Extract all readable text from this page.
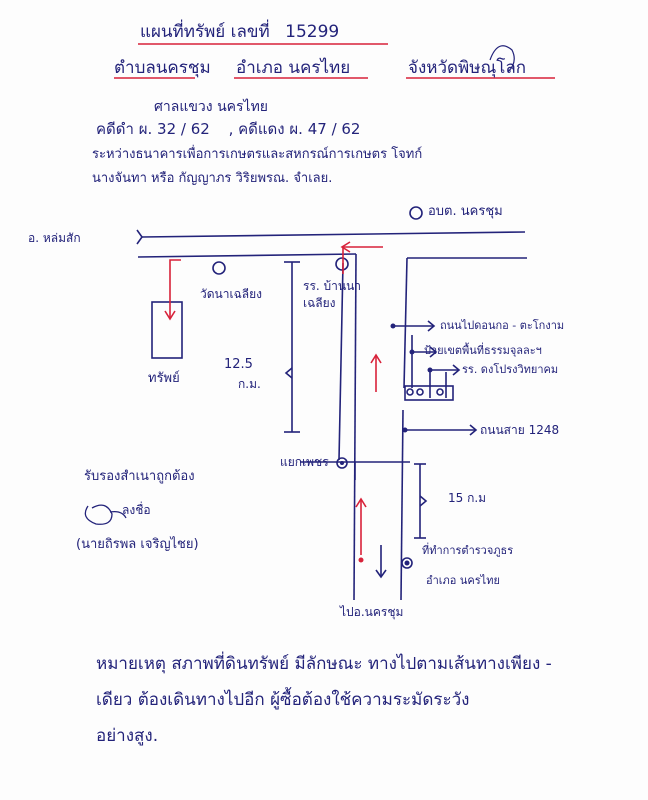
แผนที่ทรัพย์ เลขที่ 15299
ตำบลนครชุม อำเภอ นครไทย	จังหวัดพิษณุโลก
ศาลแขวง นครไทย
คดีดำ ผ. 32 / 62 , คดีแดง ผ. 47 / 62
ระหว่างธนาคารเพื่อการเกษตรและสหกรณ์การเกษตร โจทก์
นางจันทา หรือ กัญญาภร วิริยพรณ. จำเลย.
อบต. นครชุม
อ. หล่มสัก
วัดนาเฉลียง
รร. บ้านนาเฉลียง
ทรัพย์
12.5
ก.ม.
แยกเพชร
ถนนไปดอนกอ - ตะโกงาม
ป้ายเขตพื้นที่ธรรมจุลละฯ
รร. ดงโปรงวิทยาคม
ถนนสาย 1248
15 ก.ม
ที่ทำการตำรวจภูธร
อำเภอ นครไทย
ไปอ.นครชุม
รับรองสำเนาถูกต้อง
ลงชื่อ
(นายถิรพล เจริญไชย)
หมายเหตุ สภาพที่ดินทรัพย์ มีลักษณะ ทางไปตามเส้นทางเพียง -
เดียว ต้องเดินทางไปอีก ผู้ซื้อต้องใช้ความระมัดระวัง
อย่างสูง.
